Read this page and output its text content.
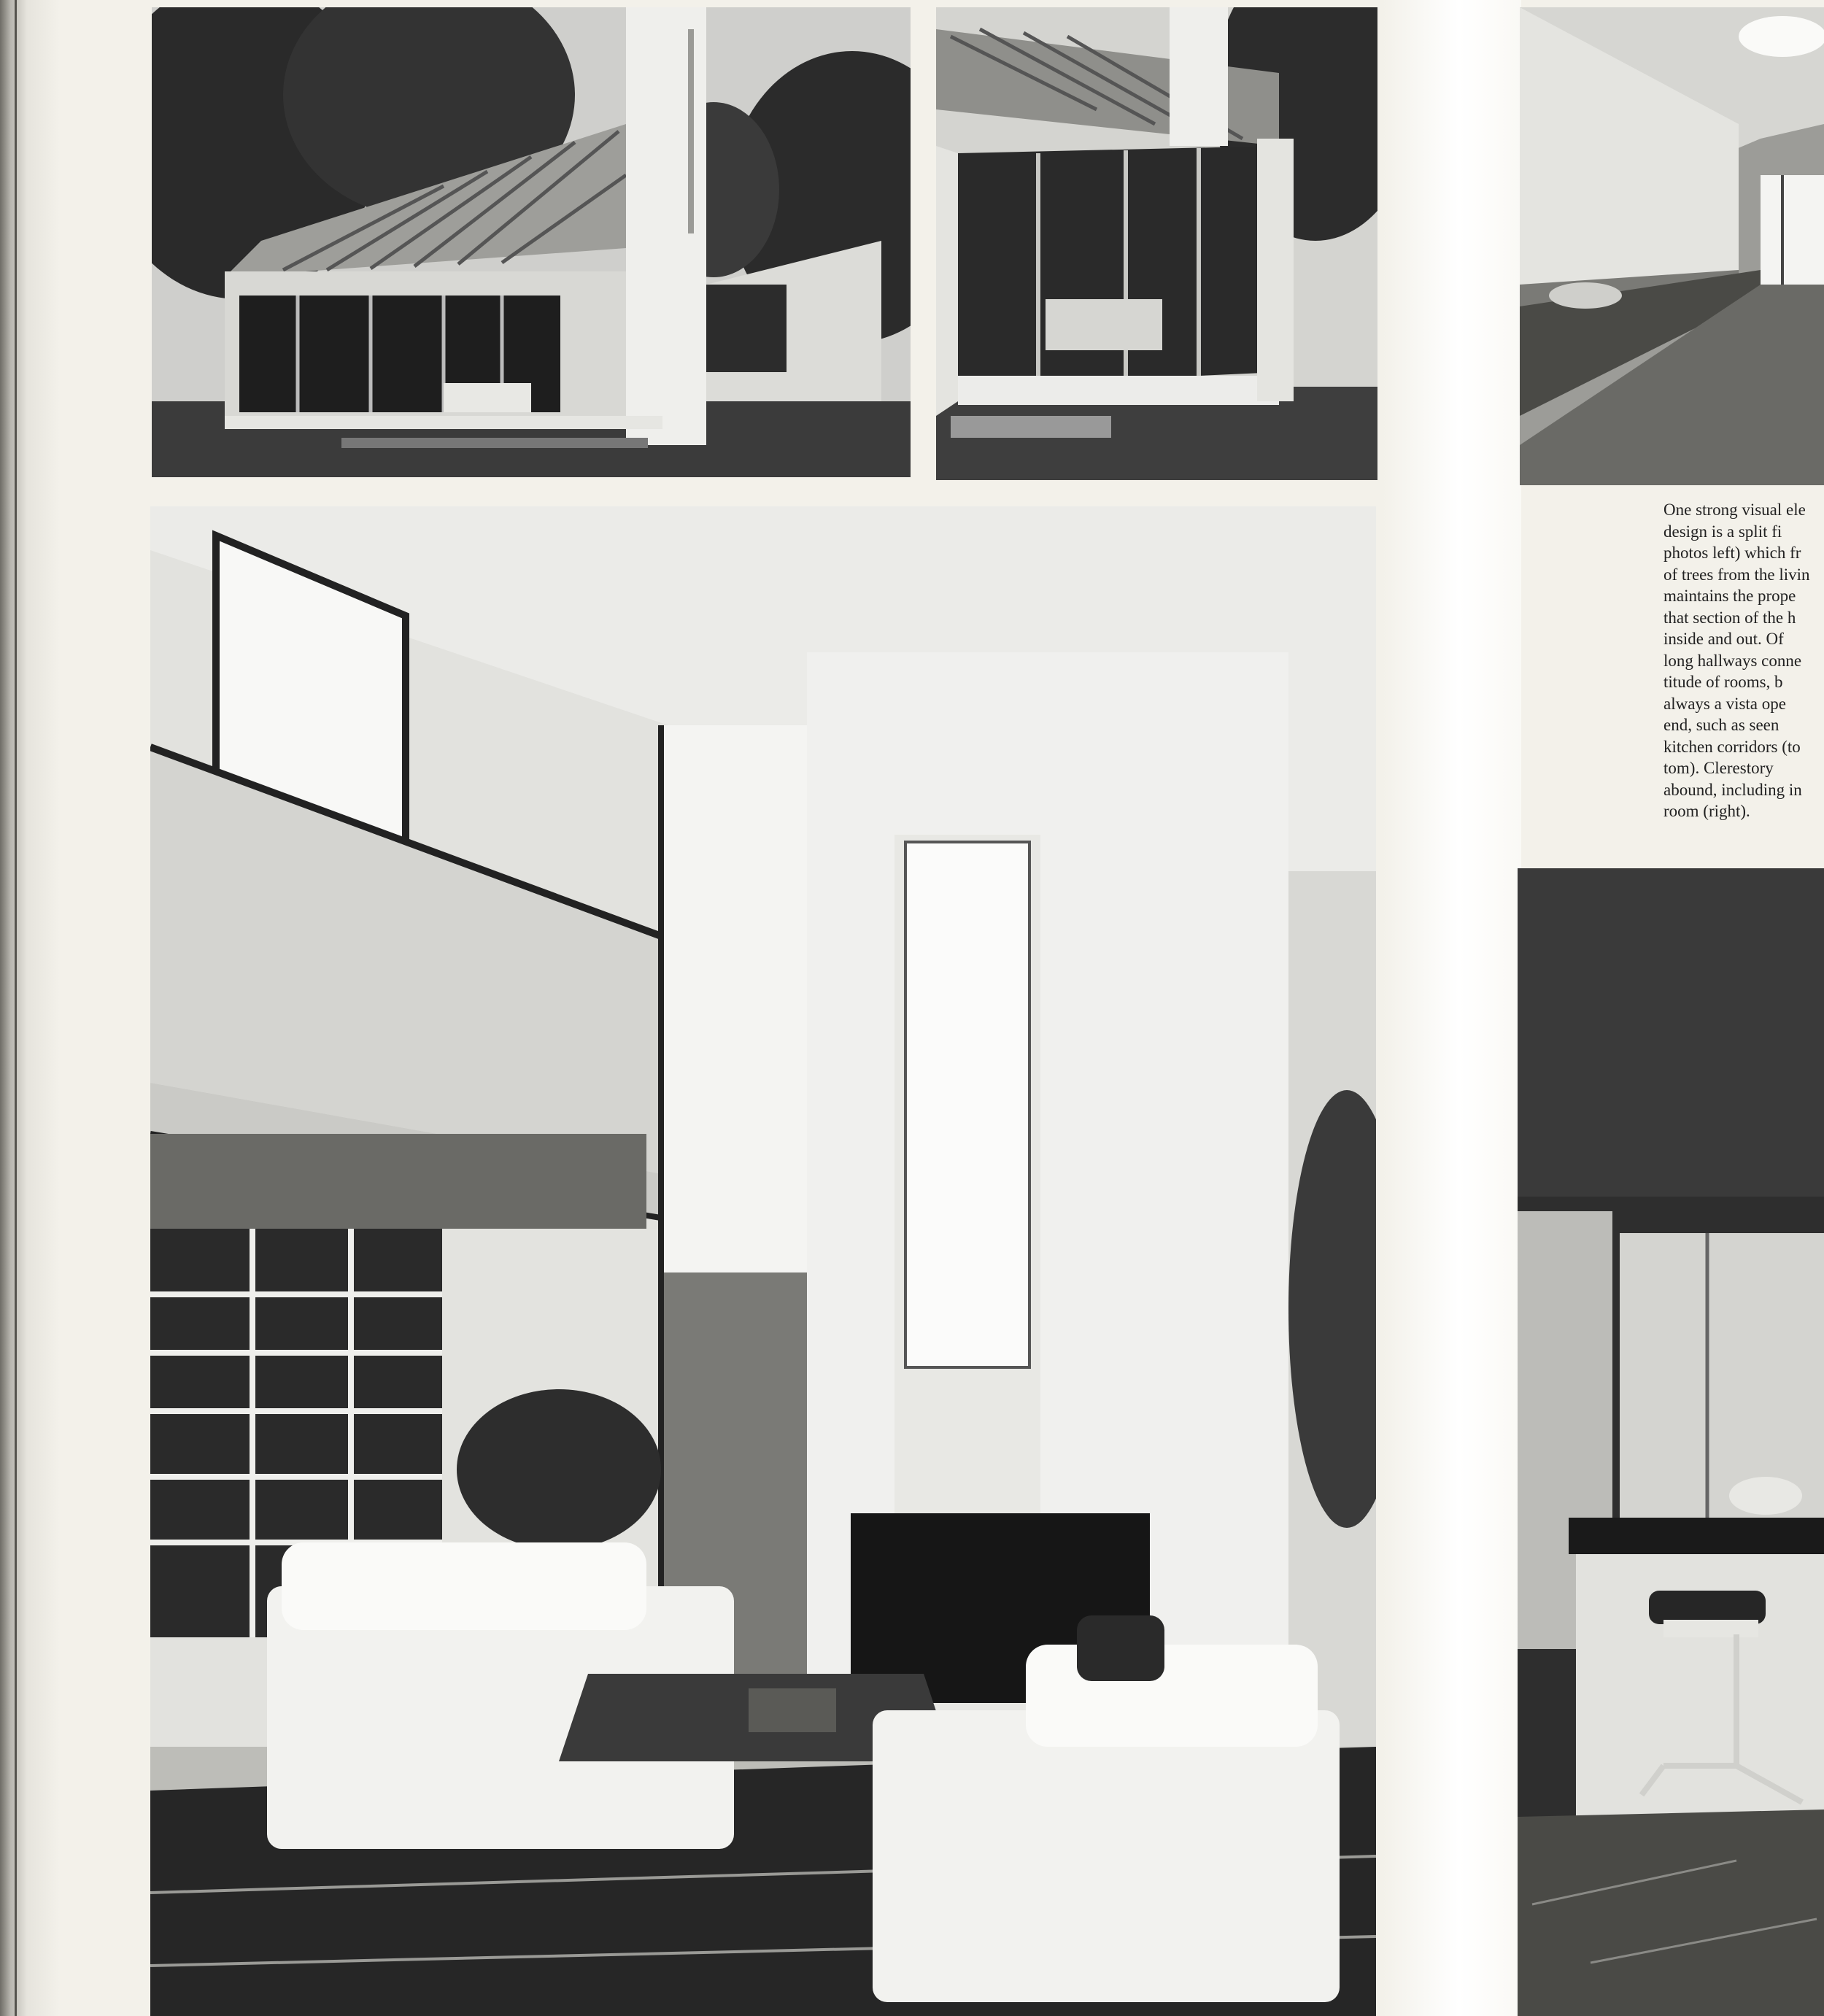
One strong visual ele
design is a split fi
photos left) which fr
of trees from the livin
maintains the prope
that section of the h
inside and out. Of
long hallways conne
titude of rooms, b
always a vista ope
end, such as seen
kitchen corridors (to
tom). Clerestory
abound, including in
room (right).
